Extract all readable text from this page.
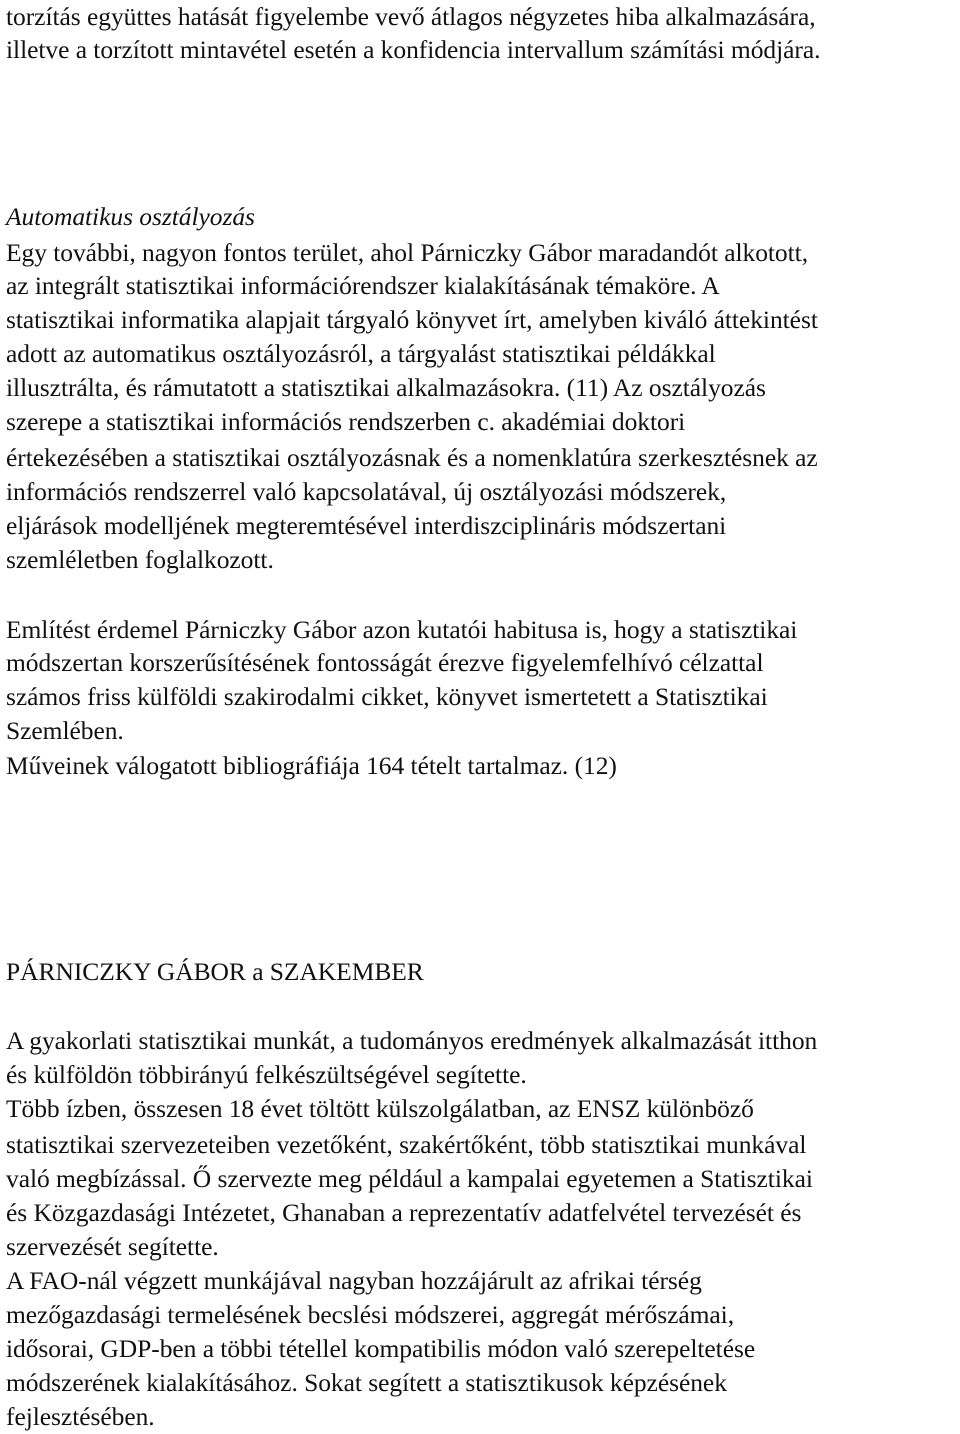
torzítás együttes hatását figyelembe vevő átlagos négyzetes hiba alkalmazására,
illetve a torzított mintavétel esetén a konfidencia intervallum számítási módjára.
Automatikus osztályozás
Egy további, nagyon fontos terület, ahol Párniczky Gábor maradandót alkotott,
az integrált statisztikai információrendszer kialakításának témaköre. A
statisztikai informatika alapjait tárgyaló könyvet írt, amelyben kiváló áttekintést
adott az automatikus osztályozásról, a tárgyalást statisztikai példákkal
illusztrálta, és rámutatott a statisztikai alkalmazásokra. (11) Az osztályozás
szerepe a statisztikai információs rendszerben c. akadémiai doktori
értekezésében a statisztikai osztályozásnak és a nomenklatúra szerkesztésnek az
információs rendszerrel való kapcsolatával, új osztályozási módszerek,
eljárások modelljének megteremtésével interdiszciplináris módszertani
szemléletben foglalkozott.
Említést érdemel Párniczky Gábor azon kutatói habitusa is, hogy a statisztikai
módszertan korszerűsítésének fontosságát érezve figyelemfelhívó célzattal
számos friss külföldi szakirodalmi cikket, könyvet ismertetett a Statisztikai
Szemlében.
Műveinek válogatott bibliográfiája 164 tételt tartalmaz. (12)
PÁRNICZKY GÁBOR a SZAKEMBER
A gyakorlati statisztikai munkát, a tudományos eredmények alkalmazását itthon
és külföldön többirányú felkészültségével segítette.
Több ízben, összesen 18 évet töltött külszolgálatban, az ENSZ különböző
statisztikai szervezeteiben vezetőként, szakértőként, több statisztikai munkával
való megbízással. Ő szervezte meg például a kampalai egyetemen a Statisztikai
és Közgazdasági Intézetet, Ghanaban a reprezentatív adatfelvétel tervezését és
szervezését segítette.
A FAO-nál végzett munkájával nagyban hozzájárult az afrikai térség
mezőgazdasági termelésének becslési módszerei, aggregát mérőszámai,
idősorai, GDP-ben a többi tétellel kompatibilis módon való szerepeltetése
módszerének kialakításához. Sokat segített a statisztikusok képzésének
fejlesztésében.
